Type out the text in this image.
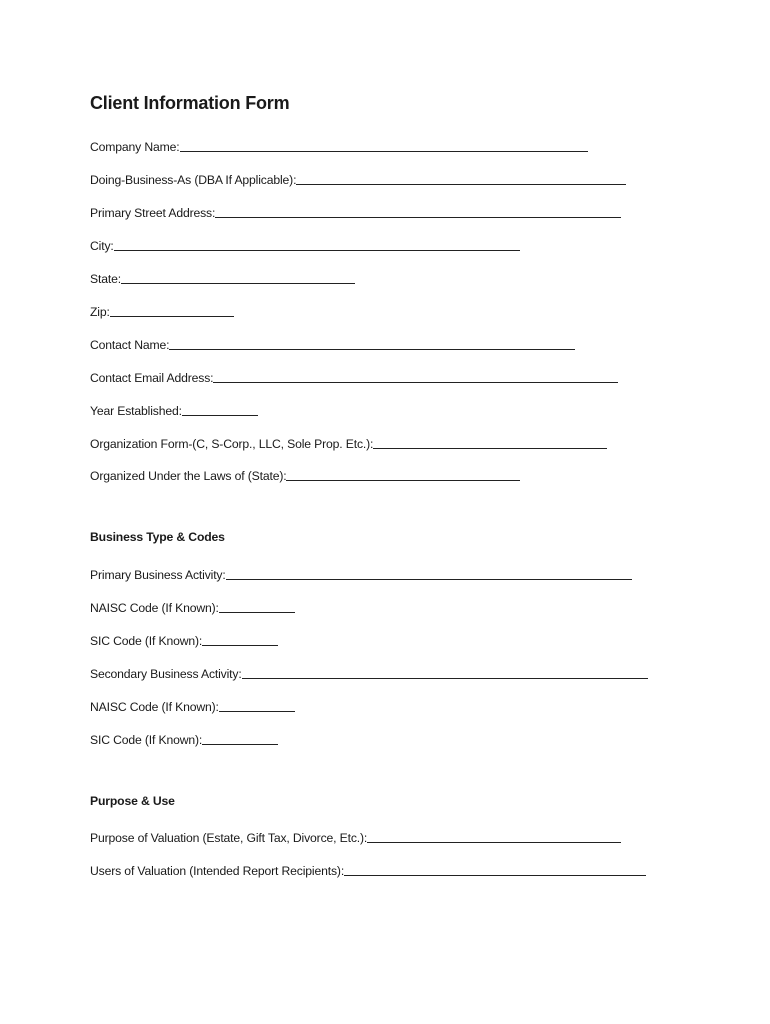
Client Information Form
Company Name:
Doing-Business-As (DBA If Applicable):
Primary Street Address:
City:
State:
Zip:
Contact Name:
Contact Email Address:
Year Established:
Organization Form-(C, S-Corp., LLC, Sole Prop. Etc.):
Organized Under the Laws of (State):
Business Type & Codes
Primary Business Activity:
NAISC Code (If Known):
SIC Code (If Known):
Secondary Business Activity:
NAISC Code (If Known):
SIC Code (If Known):
Purpose & Use
Purpose of Valuation (Estate, Gift Tax, Divorce, Etc.):
Users of Valuation (Intended Report Recipients):
